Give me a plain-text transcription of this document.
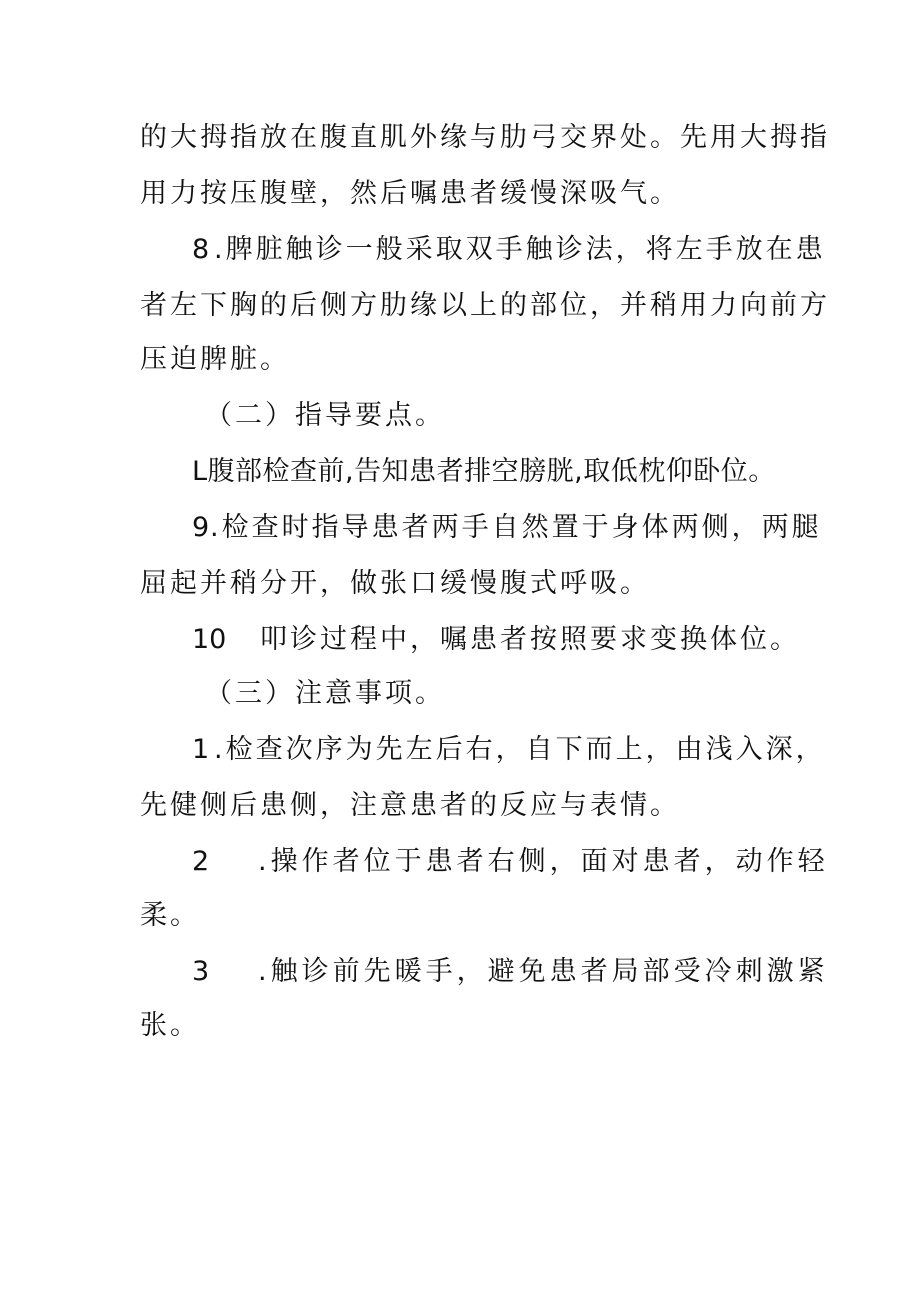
的大拇指放在腹直肌外缘与肋弓交界处。先用大拇指
用力按压腹壁，然后嘱患者缓慢深吸气。
8 .脾脏触诊一般采取双手触诊法，将左手放在患
者左下胸的后侧方肋缘以上的部位，并稍用力向前方
压迫脾脏。
（二）指导要点。
L腹部检查前,告知患者排空膀胱,取低枕仰卧位。
9 .检查时指导患者两手自然置于身体两侧，两腿
屈起并稍分开，做张口缓慢腹式呼吸。
10 叩诊过程中，嘱患者按照要求变换体位。
（三）注意事项。
1 .检查次序为先左后右，自下而上，由浅入深，
先健侧后患侧，注意患者的反应与表情。
2 .操作者位于患者右侧，面对患者，动作轻
柔。
3 .触诊前先暖手，避免患者局部受冷刺激紧
张。
